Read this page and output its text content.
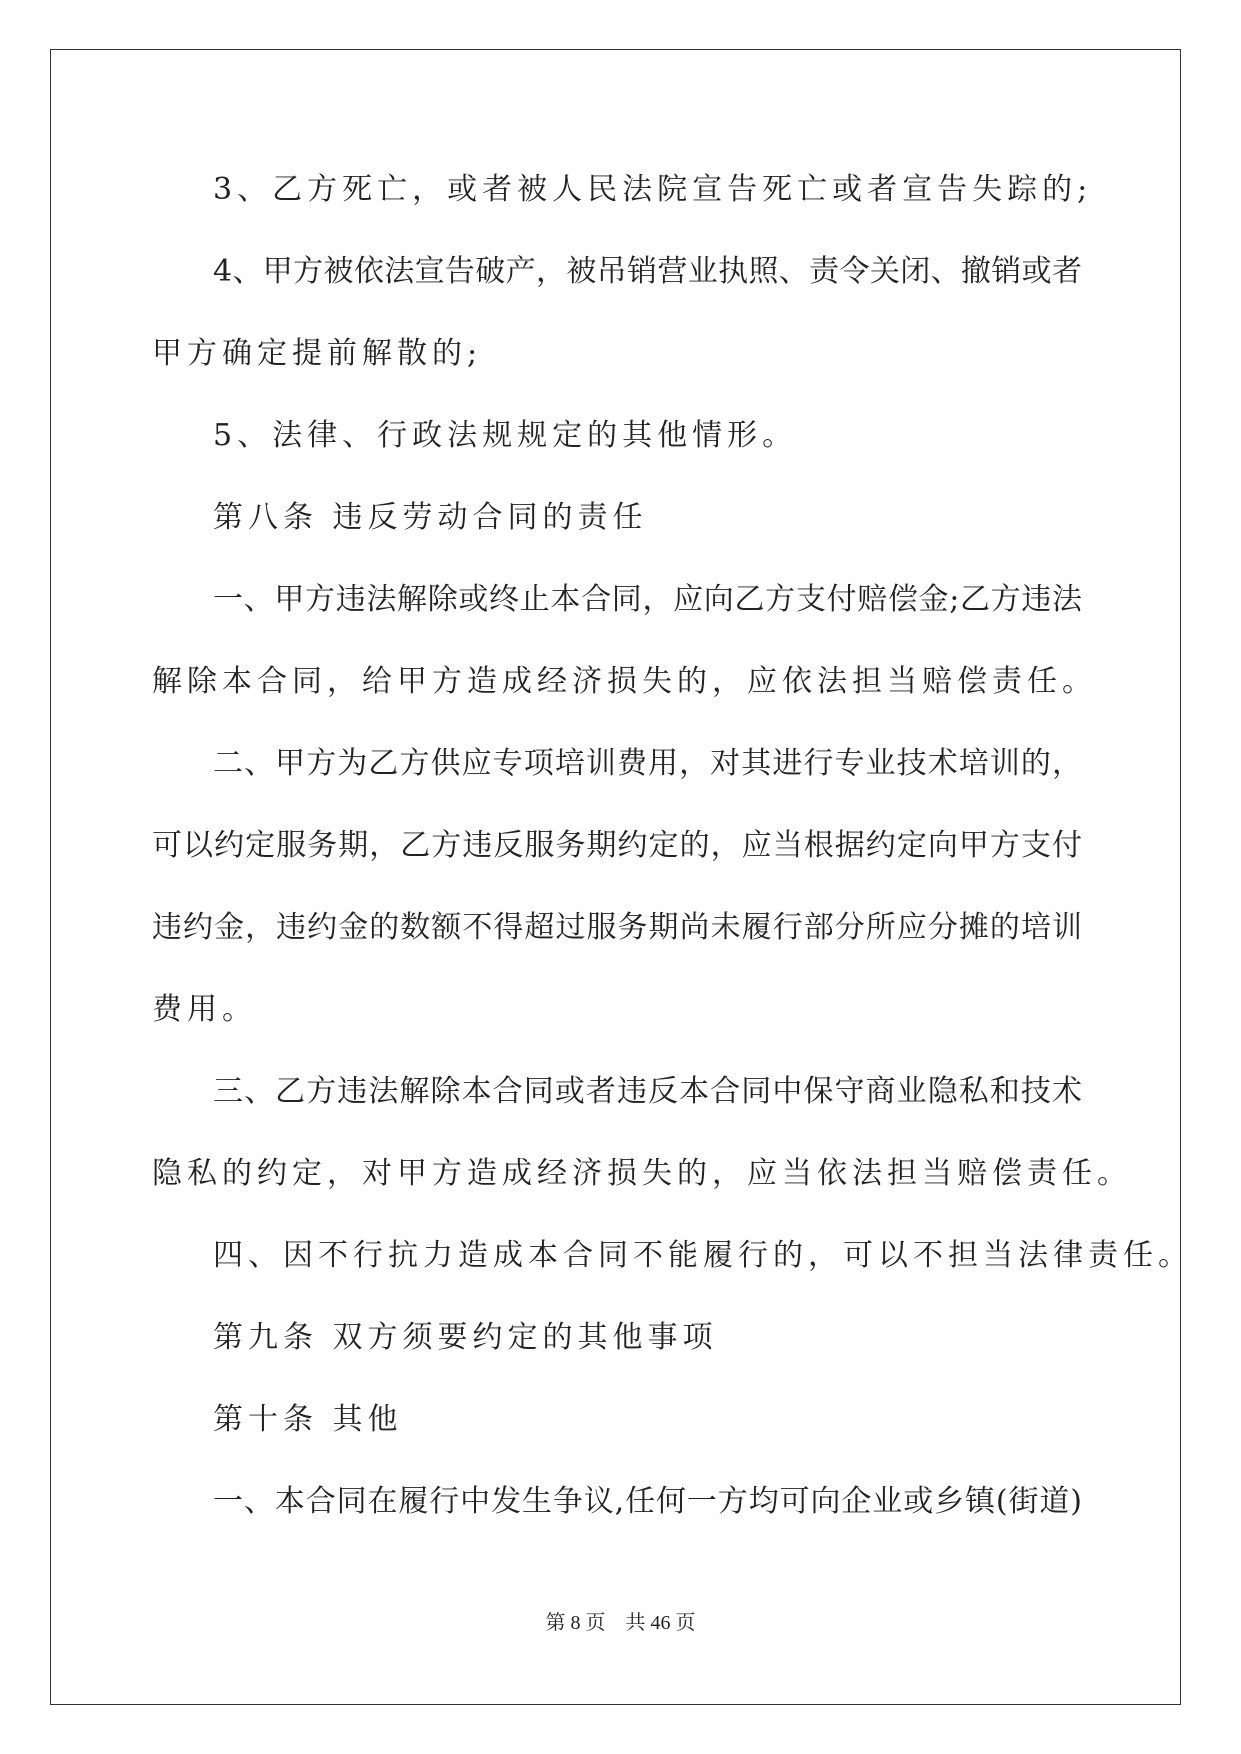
3、乙方死亡，或者被人民法院宣告死亡或者宣告失踪的;
4、甲方被依法宣告破产，被吊销营业执照、责令关闭、撤销或者
甲方确定提前解散的;
5、法律、行政法规规定的其他情形。
第八条 违反劳动合同的责任
一、甲方违法解除或终止本合同，应向乙方支付赔偿金;乙方违法
解除本合同，给甲方造成经济损失的，应依法担当赔偿责任。
二、甲方为乙方供应专项培训费用，对其进行专业技术培训的，
可以约定服务期，乙方违反服务期约定的，应当根据约定向甲方支付
违约金，违约金的数额不得超过服务期尚未履行部分所应分摊的培训
费用。
三、乙方违法解除本合同或者违反本合同中保守商业隐私和技术
隐私的约定，对甲方造成经济损失的，应当依法担当赔偿责任。
四、因不行抗力造成本合同不能履行的，可以不担当法律责任。
第九条 双方须要约定的其他事项
第十条 其他
一、本合同在履行中发生争议,任何一方均可向企业或乡镇(街道)
第 8 页    共 46 页
